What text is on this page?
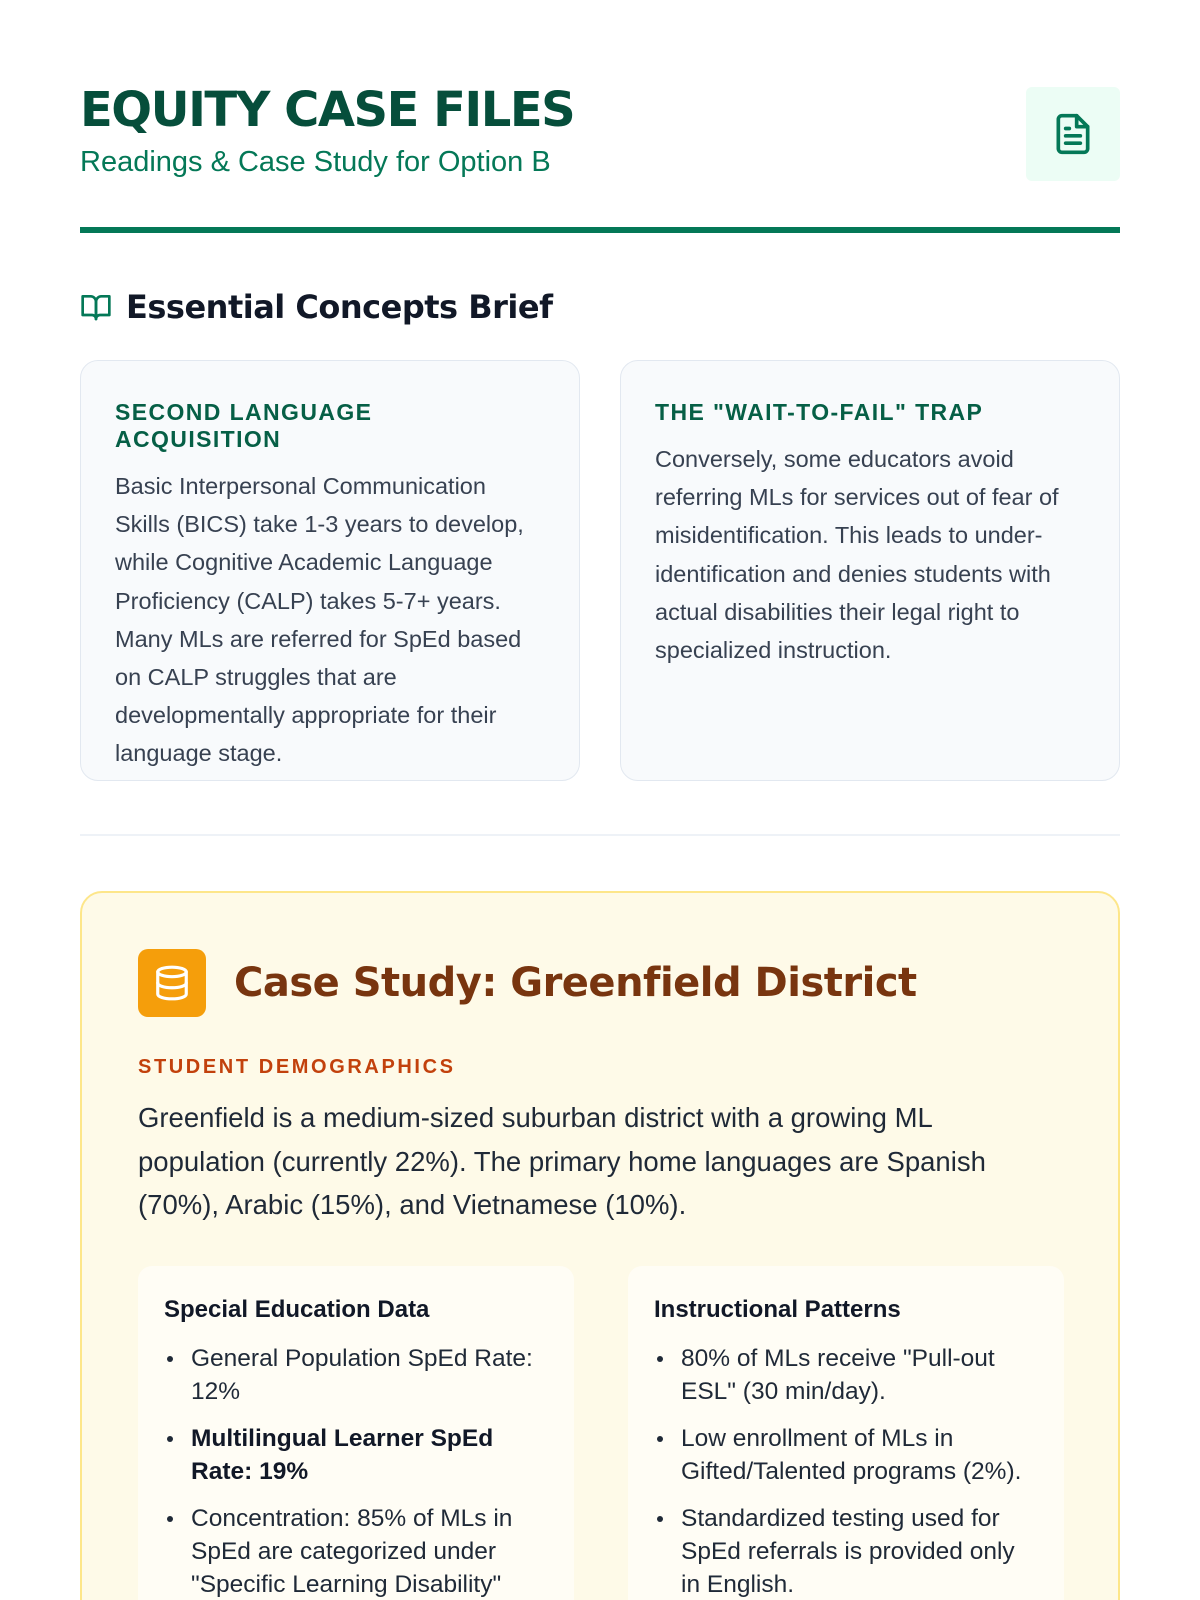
EQUITY CASE FILES
Readings & Case Study for Option B
Essential Concepts Brief
SECOND LANGUAGE ACQUISITION

Basic Interpersonal Communication Skills (BICS) take 1-3 years to develop, while Cognitive Academic Language Proficiency (CALP) takes 5-7+ years. Many MLs are referred for SpEd based on CALP struggles that are developmentally appropriate for their language stage.

THE "WAIT-TO-FAIL" TRAP

Conversely, some educators avoid referring MLs for services out of fear of misidentification. This leads to under-identification and denies students with actual disabilities their legal right to specialized instruction.

Case Study: Greenfield District
STUDENT DEMOGRAPHICS

Greenfield is a medium-sized suburban district with a growing ML population (currently 22%). The primary home languages are Spanish (70%), Arabic (15%), and Vietnamese (10%).

Special Education Data
General Population SpEd Rate: 12%
Multilingual Learner SpEd Rate: 19%
Concentration: 85% of MLs in SpEd are categorized under "Specific Learning Disability"
Instructional Patterns
80% of MLs receive "Pull-out ESL" (30 min/day).
Low enrollment of MLs in Gifted/Talented programs (2%).
Standardized testing used for SpEd referrals is provided only in English.
